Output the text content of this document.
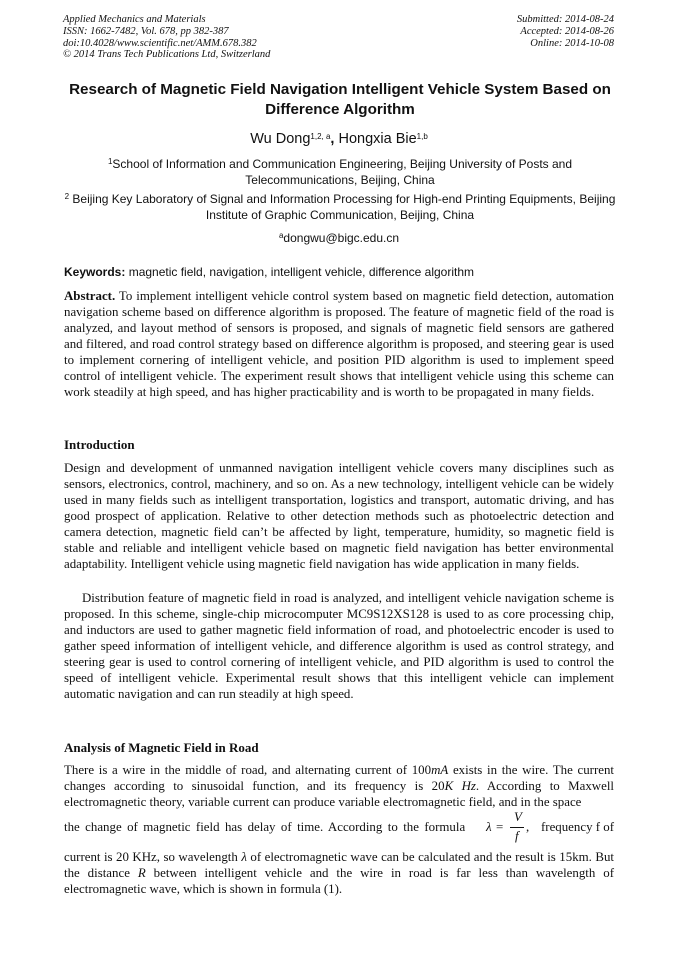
Applied Mechanics and Materials
ISSN: 1662-7482, Vol. 678, pp 382-387
doi:10.4028/www.scientific.net/AMM.678.382
© 2014 Trans Tech Publications Ltd, Switzerland
Submitted: 2014-08-24
Accepted: 2014-08-26
Online: 2014-10-08
Research of Magnetic Field Navigation Intelligent Vehicle System Based on Difference Algorithm
Wu Dong$^{1,2, a}$, Hongxia Bie$^{1,b}$
$^1$School of Information and Communication Engineering, Beijing University of Posts and Telecommunications, Beijing, China
$^2$ Beijing Key Laboratory of Signal and Information Processing for High-end Printing Equipments, Beijing Institute of Graphic Communication, Beijing, China
$^a$dongwu@bigc.edu.cn
Keywords: magnetic field, navigation, intelligent vehicle, difference algorithm
Abstract. To implement intelligent vehicle control system based on magnetic field detection, automation navigation scheme based on difference algorithm is proposed. The feature of magnetic field of the road is analyzed, and layout method of sensors is proposed, and signals of magnetic field sensors are gathered and filtered, and road control strategy based on difference algorithm is proposed, and steering gear is used to implement cornering of intelligent vehicle, and position PID algorithm is used to implement speed control of intelligent vehicle. The experiment result shows that intelligent vehicle using this scheme can work steadily at high speed, and has higher practicability and is worth to be propagated in many fields.
Introduction
Design and development of unmanned navigation intelligent vehicle covers many disciplines such as sensors, electronics, control, machinery, and so on. As a new technology, intelligent vehicle can be widely used in many fields such as intelligent transportation, logistics and transport, automatic driving, and has good prospect of application. Relative to other detection methods such as photoelectric detection and camera detection, magnetic field can’t be affected by light, temperature, humidity, so magnetic field is stable and reliable and intelligent vehicle based on magnetic field navigation has better environmental adaptability. Intelligent vehicle using magnetic field navigation has wide application in many fields.
Distribution feature of magnetic field in road is analyzed, and intelligent vehicle navigation scheme is proposed. In this scheme, single-chip microcomputer MC9S12XS128 is used to as core processing chip, and inductors are used to gather magnetic field information of road, and photoelectric encoder is used to gather speed information of intelligent vehicle, and difference algorithm is used as control strategy, and steering gear is used to control cornering of intelligent vehicle, and PID algorithm is used to control the speed of intelligent vehicle. Experimental result shows that this intelligent vehicle can implement automatic navigation and can run steadily at high speed.
Analysis of Magnetic Field in Road
There is a wire in the middle of road, and alternating current of 100mA exists in the wire. The current changes according to sinusoidal function, and its frequency is 20K Hz. According to Maxwell electromagnetic theory, variable current can produce variable electromagnetic field, and in the space
the change of magnetic field has delay of time. According to the formula λ =
V
f
, frequency f of
current is 20 KHz, so wavelength λ of electromagnetic wave can be calculated and the result is 15km. But the distance R between intelligent vehicle and the wire in road is far less than wavelength of electromagnetic wave, which is shown in formula (1).
